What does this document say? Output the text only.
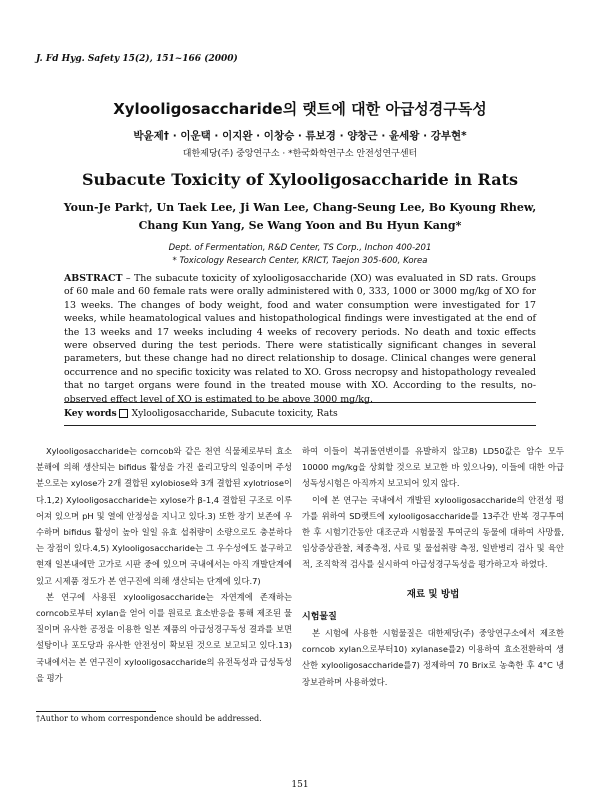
J. Fd Hyg. Safety 15(2), 151~166 (2000)
Xylooligosaccharide의 랫트에 대한 아급성경구독성
박윤제† · 이운택 · 이지완 · 이창승 · 류보경 · 양창근 · 윤세왕 · 강부현*
대한제당(주) 중앙연구소 · *한국화학연구소 안전성연구센터
Subacute Toxicity of Xylooligosaccharide in Rats
Youn-Je Park†, Un Taek Lee, Ji Wan Lee, Chang-Seung Lee, Bo Kyoung Rhew, Chang Kun Yang, Se Wang Yoon and Bu Hyun Kang*
Dept. of Fermentation, R&D Center, TS Corp., Inchon 400-201
* Toxicology Research Center, KRICT, Taejon 305-600, Korea
ABSTRACT – The subacute toxicity of xylooligosaccharide (XO) was evaluated in SD rats. Groups of 60 male and 60 female rats were orally administered with 0, 333, 1000 or 3000 mg/kg of XO for 13 weeks. The changes of body weight, food and water consumption were investigated for 17 weeks, while heamatological values and histopathological findings were investigated at the end of the 13 weeks and 17 weeks including 4 weeks of recovery periods. No death and toxic effects were observed during the test periods. There were statistically significant changes in several parameters, but these change had no direct relationship to dosage. Clinical changes were general occurrence and no specific toxicity was related to XO. Gross necropsy and histopathology revealed that no target organs were found in the treated mouse with XO. According to the results, no-observed effect level of XO is estimated to be above 3000 mg/kg.
Key words Xylooligosaccharide, Subacute toxicity, Rats

Xylooligosaccharide는 corncob와 같은 천연 식물체로부터 효소분해에 의해 생산되는 bifidus 활성을 가진 올리고당의 일종이며 주성분으로는 xylose가 2개 결합된 xylobiose와 3개 결합된 xylotriose이다.1,2) Xylooligosaccharide는 xylose가 β-1,4 결합된 구조로 이루어져 있으며 pH 및 열에 안정성을 지니고 있다.3) 또한 장기 보존에 우수하며 bifidus 활성이 높아 일일 유효 섭취량이 소량으로도 충분하다는 장점이 있다.4,5) Xylooligosaccharide는 그 우수성에도 불구하고 현재 일본내에만 고가로 시판 중에 있으며 국내에서는 아직 개발단계에 있고 시제품 정도가 본 연구진에 의해 생산되는 단계에 있다.7)

본 연구에 사용된 xylooligosaccharide는 자연계에 존재하는 corncob로부터 xylan을 얻어 이를 원료로 효소반응을 통해 제조된 물질이며 유사한 공정을 이용한 일본 제품의 아급성경구독성 결과를 보면 설탕이나 포도당과 유사한 안전성이 확보된 것으로 보고되고 있다.13) 국내에서는 본 연구진이 xylooligosaccharide의 유전독성과 급성독성을 평가

하여 이들이 복귀돌연변이를 유발하지 않고8) LD50값은 암수 모두 10000 mg/kg을 상회할 것으로 보고한 바 있으나9), 이들에 대한 아급성독성시험은 아직까지 보고되어 있지 않다.

이에 본 연구는 국내에서 개발된 xylooligosaccharide의 안전성 평가를 위하여 SD랫트에 xylooligosaccharide를 13주간 반복 경구투여 한 후 시험기간동안 대조군과 시험물질 투여군의 동물에 대하여 사망률, 임상증상관찰, 체중측정, 사료 및 물섭취량 측정, 일반병리 검사 및 육안적, 조직학적 검사를 실시하여 아급성경구독성을 평가하고자 하였다.

재료 및 방법
시험물질

본 시험에 사용한 시험물질은 대한제당(주) 중앙연구소에서 제조한 corncob xylan으로부터10) xylanase를2) 이용하여 효소전환하여 생산한 xylooligosaccharide를7) 정제하여 70 Brix로 농축한 후 4°C 냉장보관하며 사용하였다.

†Author to whom correspondence should be addressed.
151
